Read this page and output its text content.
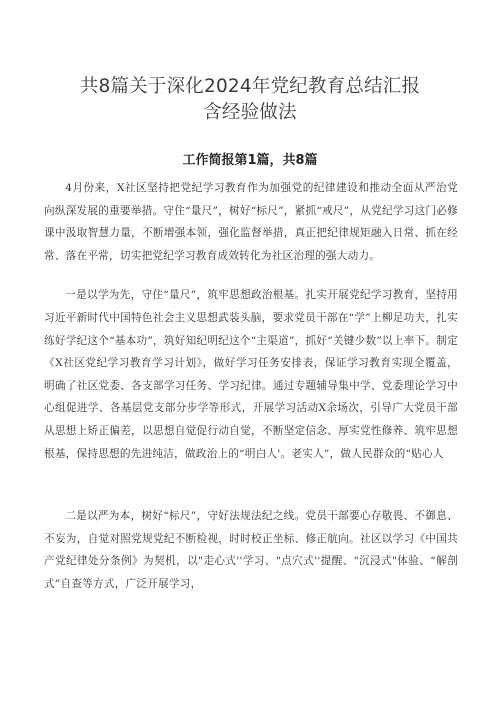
共8篇关于深化2024年党纪教育总结汇报
含经验做法
工作简报第1篇，共8篇

4月份来，X社区坚持把党纪学习教育作为加强党的纪律建设和推动全面从严治党向纵深发展的重要举措。守住“量尺”，树好“标尺”，紧抓“戒尺”，从党纪学习这门必修课中汲取智慧力量，不断增强本领，强化监督举措，真正把纪律规矩融入日常、抓在经常、落在平常，切实把党纪学习教育成效转化为社区治理的强大动力。

一是以学为先，守住“量尺”，筑牢思想政治根基。扎实开展党纪学习教育，坚持用习近平新时代中国特色社会主义思想武装头脑，要求党员干部在“学”上柳足功夫，扎实练好学纪这个“基本功”，筑好知纪明纪这个“主渠道”，抓好“关键少数”以上率下。制定《X社区党纪学习教育学习计划》，做好学习任务安排表，保证学习教育实现全覆盖，明确了社区党委、各支部学习任务、学习纪律。通过专题辅导集中学、党委理论学习中心组促进学、各基层党支部分步学等形式，开展学习活动X余场次，引导广大党员干部从思想上矫正偏差，以思想自觉促行动自觉，不断坚定信念、厚实党性修养、筑牢思想根基，保持思想的先进纯洁，做政治上的“明白人'。老实人”，做人民群众的“贴心人

二是以严为本，树好“标尺”，守好法规法纪之线。党员干部要心存敬畏、不御息、不妄为，自觉对照党规党纪不断检视，时时校正坐标、修正航向。社区以学习《中国共产党纪律处分条例》为契机，以"走心式''学习、"点穴式''提醒、"沉浸式"体验、“解剖式”自查等方式，广泛开展学习，
